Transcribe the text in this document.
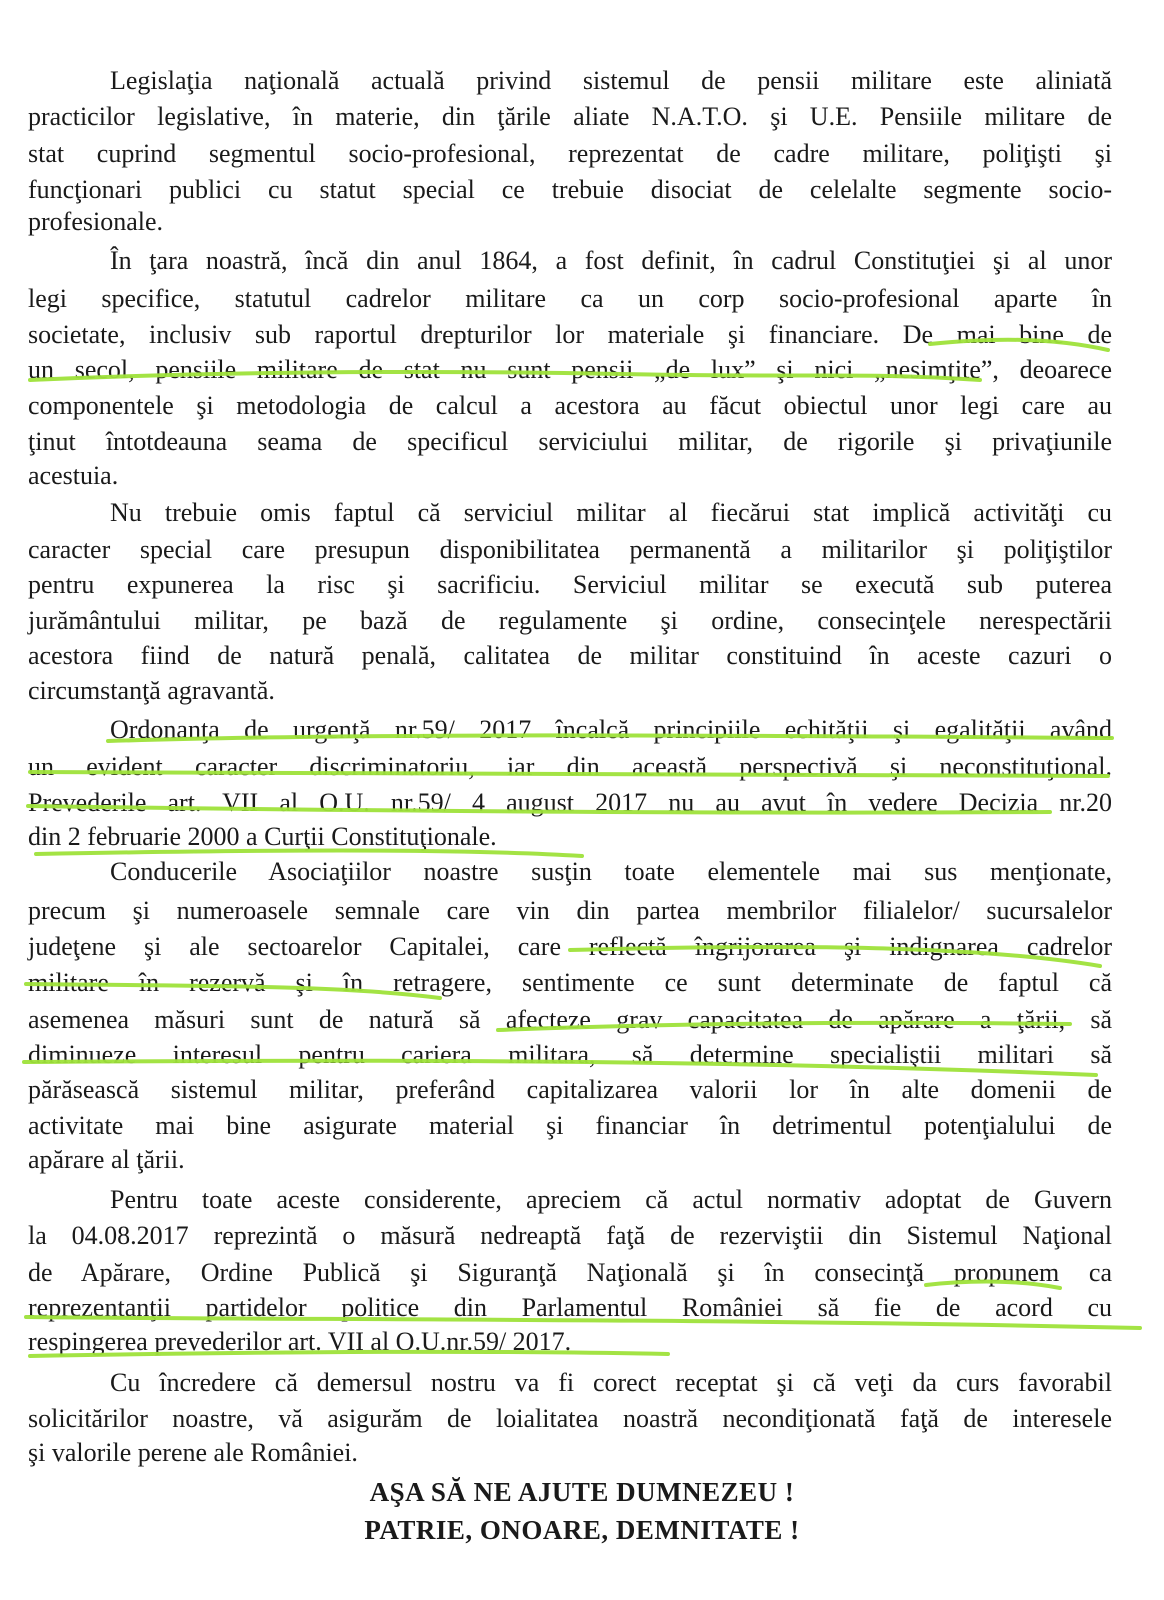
Legislaţia naţională actuală privind sistemul de pensii militare este aliniată
practicilor legislative, în materie, din ţările aliate N.A.T.O. şi U.E. Pensiile militare de
stat cuprind segmentul socio-profesional, reprezentat de cadre militare, poliţişti şi
funcţionari publici cu statut special ce trebuie disociat de celelalte segmente socio-
profesionale.
În ţara noastră, încă din anul 1864, a fost definit, în cadrul Constituţiei şi al unor
legi specifice, statutul cadrelor militare ca un corp socio-profesional aparte în
societate, inclusiv sub raportul drepturilor lor materiale şi financiare. De mai bine de
un secol, pensiile militare de stat nu sunt pensii „de lux” şi nici „nesimţite”, deoarece
componentele şi metodologia de calcul a acestora au făcut obiectul unor legi care au
ţinut întotdeauna seama de specificul serviciului militar, de rigorile şi privaţiunile
acestuia.
Nu trebuie omis faptul că serviciul militar al fiecărui stat implică activităţi cu
caracter special care presupun disponibilitatea permanentă a militarilor şi poliţiştilor
pentru expunerea la risc şi sacrificiu. Serviciul militar se execută sub puterea
jurământului militar, pe bază de regulamente şi ordine, consecinţele nerespectării
acestora fiind de natură penală, calitatea de militar constituind în aceste cazuri o
circumstanţă agravantă.
Ordonanţa de urgenţă nr.59/ 2017 încalcă principiile echităţii şi egalităţii având
un evident caracter discriminatoriu, iar din această perspectivă şi neconstituţional.
Prevederile art. VII al O.U. nr.59/ 4 august 2017 nu au avut în vedere Decizia nr.20
din 2 februarie 2000 a Curţii Constituţionale.
Conducerile Asociaţiilor noastre susţin toate elementele mai sus menţionate,
precum şi numeroasele semnale care vin din partea membrilor filialelor/ sucursalelor
judeţene şi ale sectoarelor Capitalei, care reflectă îngrijorarea şi indignarea cadrelor
militare în rezervă şi în retragere, sentimente ce sunt determinate de faptul că
asemenea măsuri sunt de natură să afecteze grav capacitatea de apărare a ţării, să
diminueze interesul pentru cariera militara, să determine specialiştii militari să
părăsească sistemul militar, preferând capitalizarea valorii lor în alte domenii de
activitate mai bine asigurate material şi financiar în detrimentul potenţialului de
apărare al ţării.
Pentru toate aceste considerente, apreciem că actul normativ adoptat de Guvern
la 04.08.2017 reprezintă o măsură nedreaptă faţă de rezerviştii din Sistemul Naţional
de Apărare, Ordine Publică şi Siguranţă Naţională şi în consecinţă propunem ca
reprezentanţii partidelor politice din Parlamentul României să fie de acord cu
respingerea prevederilor art. VII al O.U.nr.59/ 2017.
Cu încredere că demersul nostru va fi corect receptat şi că veţi da curs favorabil
solicitărilor noastre, vă asigurăm de loialitatea noastră necondiţionată faţă de interesele
şi valorile perene ale României.
AŞA SĂ NE AJUTE DUMNEZEU !
PATRIE, ONOARE, DEMNITATE !
